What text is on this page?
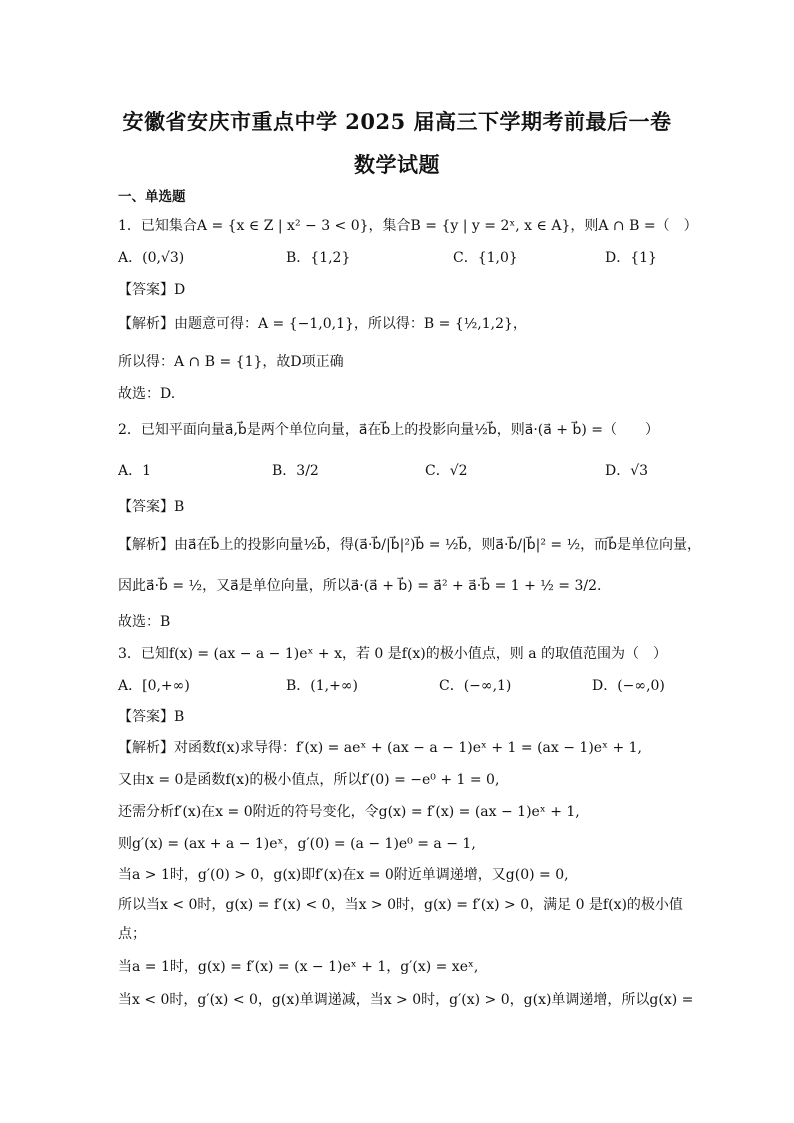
安徽省安庆市重点中学 2025 届高三下学期考前最后一卷
数学试题
一、单选题
1．已知集合A = {x ∈ Z | x² − 3 < 0}，集合B = {y | y = 2ˣ, x ∈ A}，则A ∩ B =（　）
A．(0,√3)	B．{1,2}	C．{1,0}	D．{1}
【答案】D
【解析】由题意可得：A = {−1,0,1}，所以得：B = {½,1,2}，
所以得：A ∩ B = {1}，故D项正确
故选：D.
2．已知平面向量a⃗,b⃗是两个单位向量，a⃗在b⃗上的投影向量½b⃗，则a⃗·(a⃗ + b⃗) =（　　）
A．1	B．3/2	C．√2	D．√3
【答案】B
【解析】由a⃗在b⃗上的投影向量½b⃗，得(a⃗·b⃗/|b⃗|²)b⃗ = ½b⃗，则a⃗·b⃗/|b⃗|² = ½，而b⃗是单位向量，
因此a⃗·b⃗ = ½，又a⃗是单位向量，所以a⃗·(a⃗ + b⃗) = a⃗² + a⃗·b⃗ = 1 + ½ = 3/2.
故选：B
3．已知f(x) = (ax − a − 1)eˣ + x，若 0 是f(x)的极小值点，则 a 的取值范围为（　）
A．[0,+∞)	B．(1,+∞)	C．(−∞,1)	D．(−∞,0)
【答案】B
【解析】对函数f(x)求导得：f′(x) = aeˣ + (ax − a − 1)eˣ + 1 = (ax − 1)eˣ + 1,
又由x = 0是函数f(x)的极小值点，所以f′(0) = −e⁰ + 1 = 0,
还需分析f′(x)在x = 0附近的符号变化，令g(x) = f′(x) = (ax − 1)eˣ + 1,
则g′(x) = (ax + a − 1)eˣ，g′(0) = (a − 1)e⁰ = a − 1,
当a > 1时，g′(0) > 0，g(x)即f′(x)在x = 0附近单调递增，又g(0) = 0,
所以当x < 0时，g(x) = f′(x) < 0，当x > 0时，g(x) = f′(x) > 0，满足 0 是f(x)的极小值
点；
当a = 1时，g(x) = f′(x) = (x − 1)eˣ + 1，g′(x) = xeˣ,
当x < 0时，g′(x) < 0，g(x)单调递减，当x > 0时，g′(x) > 0，g(x)单调递增，所以g(x) =
